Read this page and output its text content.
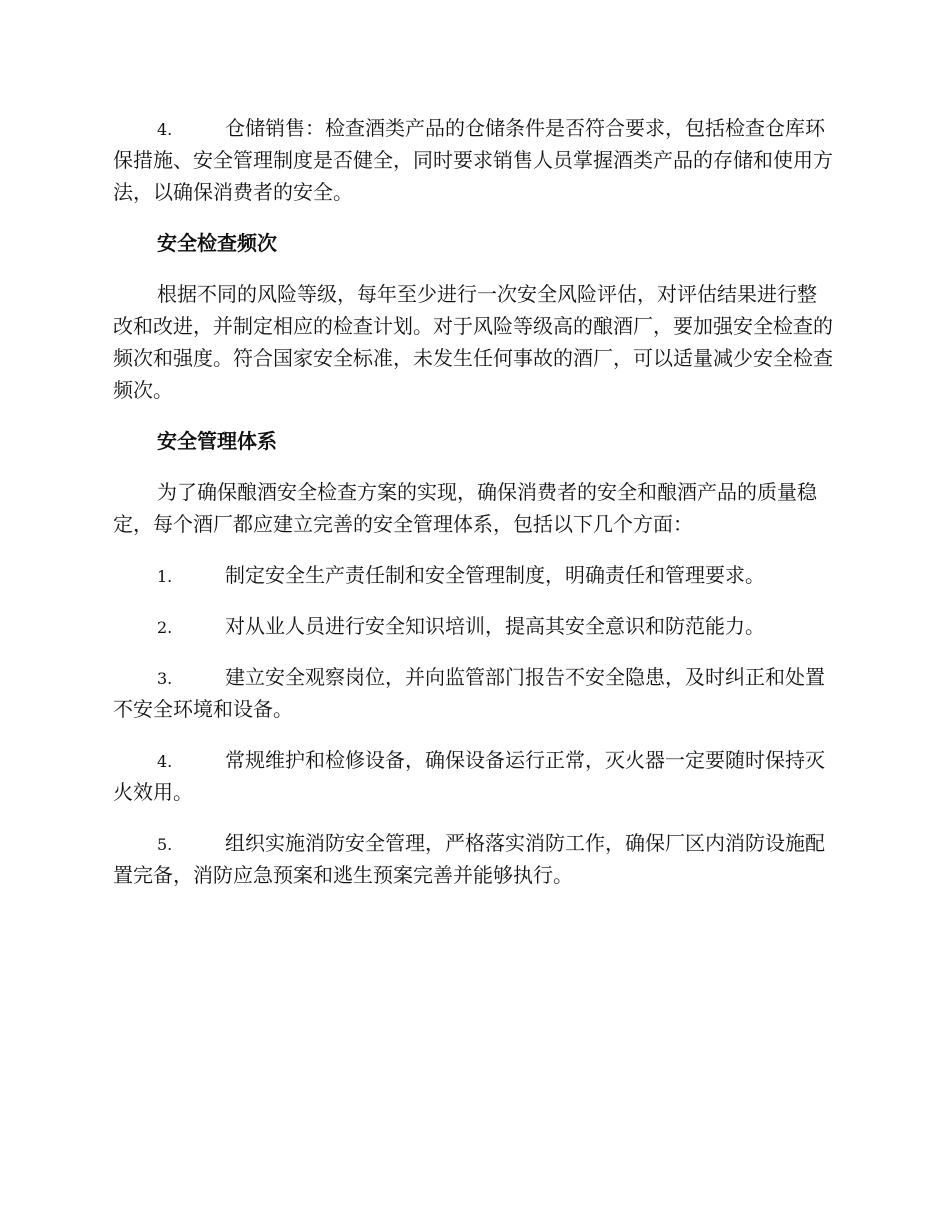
4.	仓储销售：检查酒类产品的仓储条件是否符合要求，包括检查仓库环保措施、安全管理制度是否健全，同时要求销售人员掌握酒类产品的存储和使用方法，以确保消费者的安全。

安全检查频次

根据不同的风险等级，每年至少进行一次安全风险评估，对评估结果进行整改和改进，并制定相应的检查计划。对于风险等级高的酿酒厂，要加强安全检查的频次和强度。符合国家安全标准，未发生任何事故的酒厂，可以适量减少安全检查频次。

安全管理体系

为了确保酿酒安全检查方案的实现，确保消费者的安全和酿酒产品的质量稳定，每个酒厂都应建立完善的安全管理体系，包括以下几个方面：

1.	制定安全生产责任制和安全管理制度，明确责任和管理要求。

2.	对从业人员进行安全知识培训，提高其安全意识和防范能力。

3.	建立安全观察岗位，并向监管部门报告不安全隐患，及时纠正和处置不安全环境和设备。

4.	常规维护和检修设备，确保设备运行正常，灭火器一定要随时保持灭火效用。

5.	组织实施消防安全管理，严格落实消防工作，确保厂区内消防设施配置完备，消防应急预案和逃生预案完善并能够执行。
